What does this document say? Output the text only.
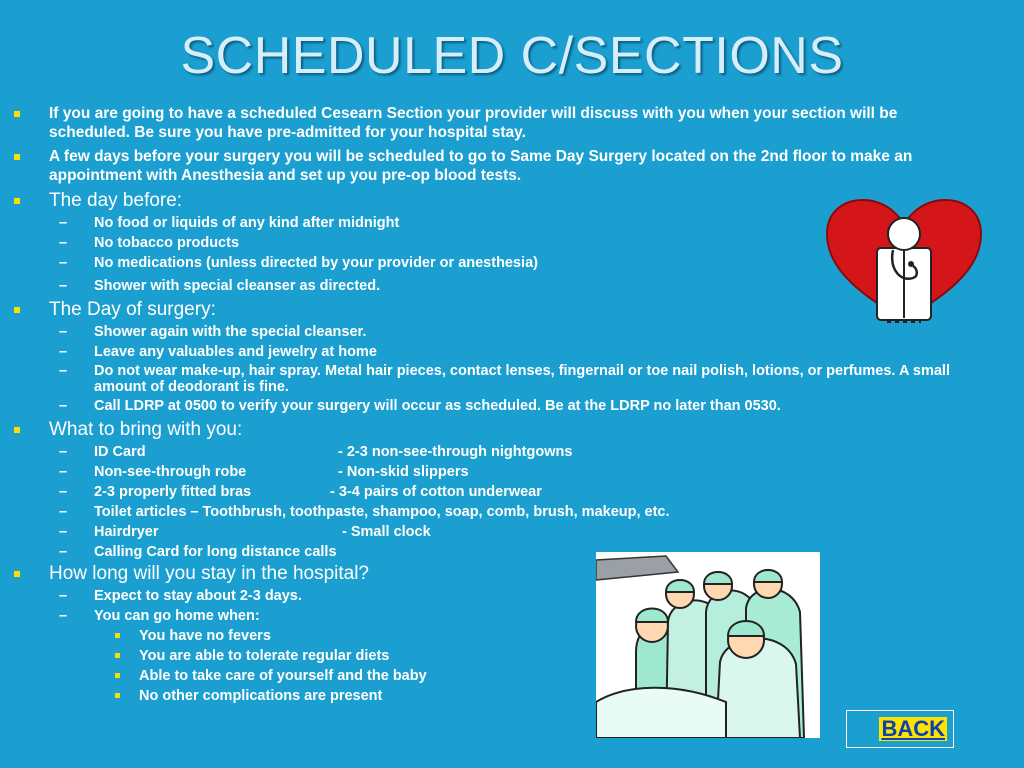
SCHEDULED C/SECTIONS
If you are going to have a scheduled Cesearn Section your provider will discuss with you when your section will be scheduled. Be sure you have pre-admitted for your hospital stay.
A few days before your surgery you will be scheduled to go to Same Day Surgery located on the 2nd floor to make an appointment with Anesthesia and set up you pre-op blood tests.
The day before:
– No food or liquids of any kind after midnight
– No tobacco products
– No medications (unless directed by your provider or anesthesia)
– Shower with special cleanser as directed.
The Day of surgery:
– Shower again with the special cleanser.
– Leave any valuables and jewelry at home
– Do not wear make-up, hair spray. Metal hair pieces, contact lenses, fingernail or toe nail polish, lotions, or perfumes. A small amount of deodorant is fine.
– Call LDRP at 0500 to verify your surgery will occur as scheduled. Be at the LDRP no later than 0530.
What to bring with you:
– ID Card	- 2-3 non-see-through nightgowns
– Non-see-through robe	- Non-skid slippers
– 2-3 properly fitted bras	- 3-4 pairs of cotton underwear
– Toilet articles – Toothbrush, toothpaste, shampoo, soap, comb, brush, makeup, etc.
– Hairdryer	- Small clock
– Calling Card for long distance calls
How long will you stay in the hospital?
– Expect to stay about 2-3 days.
– You can go home when:
You have no fevers
You are able to tolerate regular diets
Able to take care of yourself and the baby
No other complications are present
BACK
